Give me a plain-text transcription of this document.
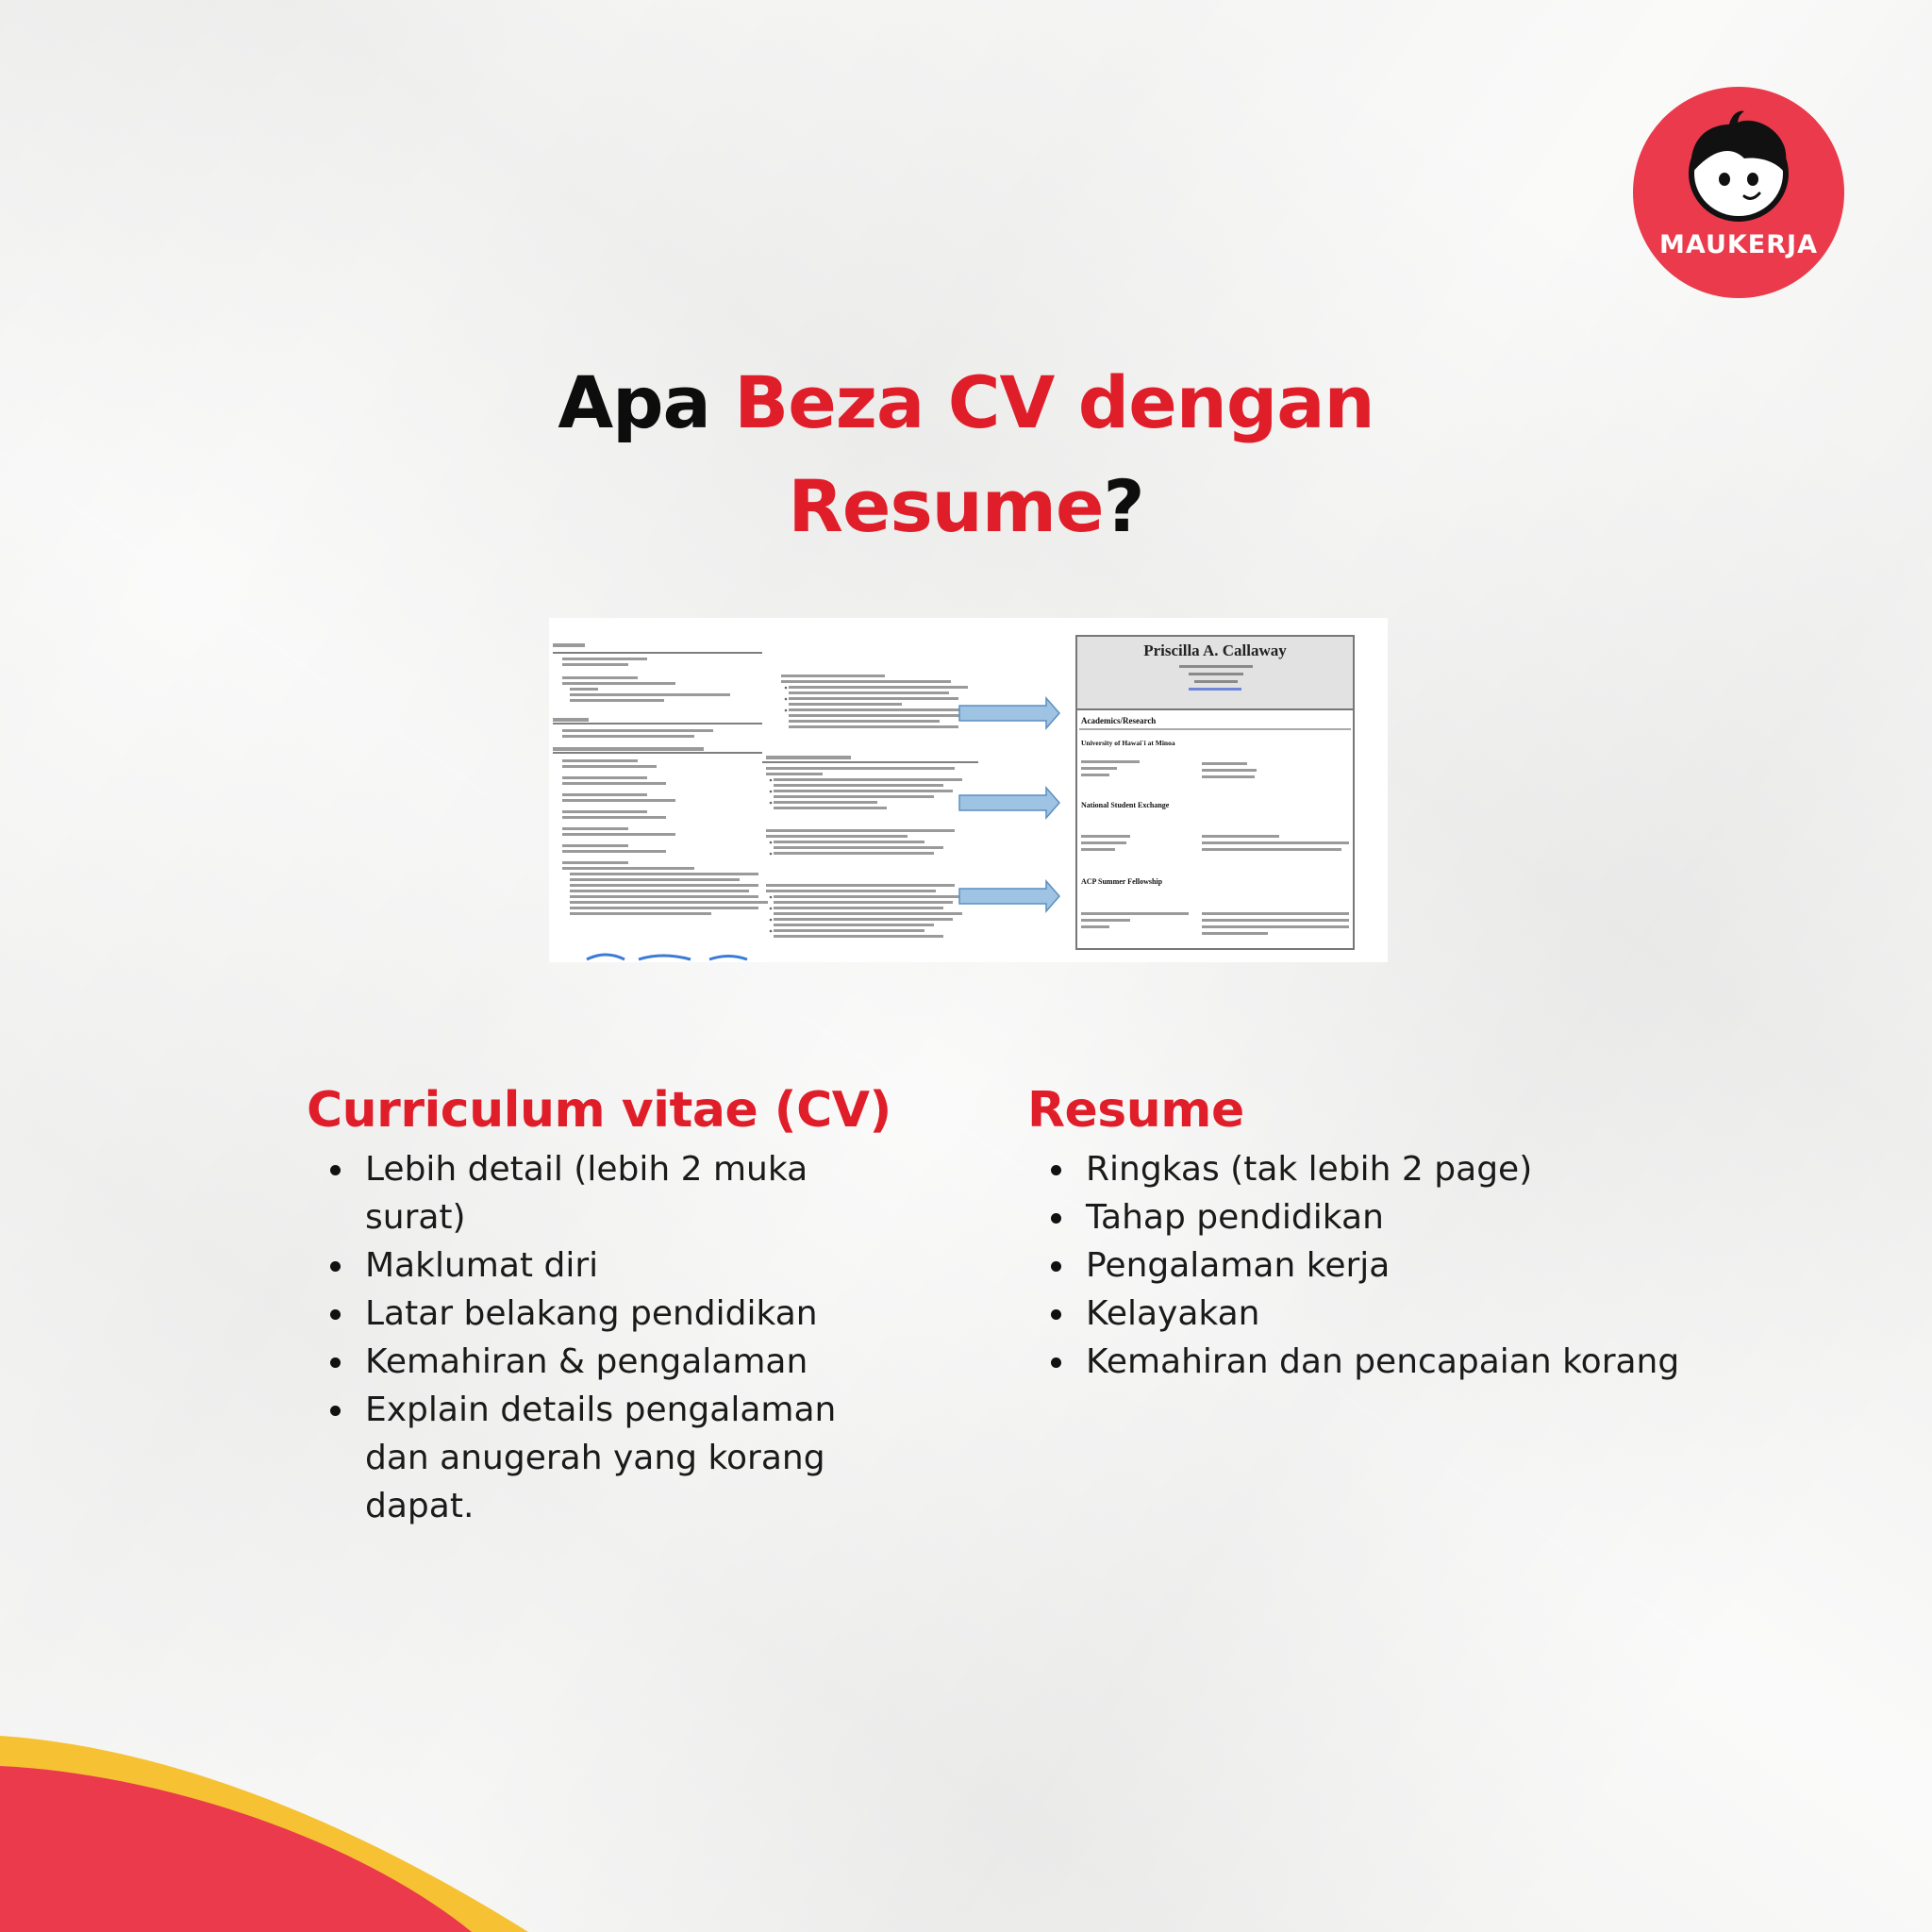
MAUKERJA
Apa Beza CV dengan
Resume?
Priscilla A. Callaway
Academics/Research
University of Hawai`i at Minoa
National Student Exchange
ACP Summer Fellowship
Curriculum vitae (CV)
Lebih detail (lebih 2 muka surat)
Maklumat diri
Latar belakang pendidikan
Kemahiran & pengalaman
Explain details pengalaman dan anugerah yang korang dapat.
Resume
Ringkas (tak lebih 2 page)
Tahap pendidikan
Pengalaman kerja
Kelayakan
Kemahiran dan pencapaian korang
